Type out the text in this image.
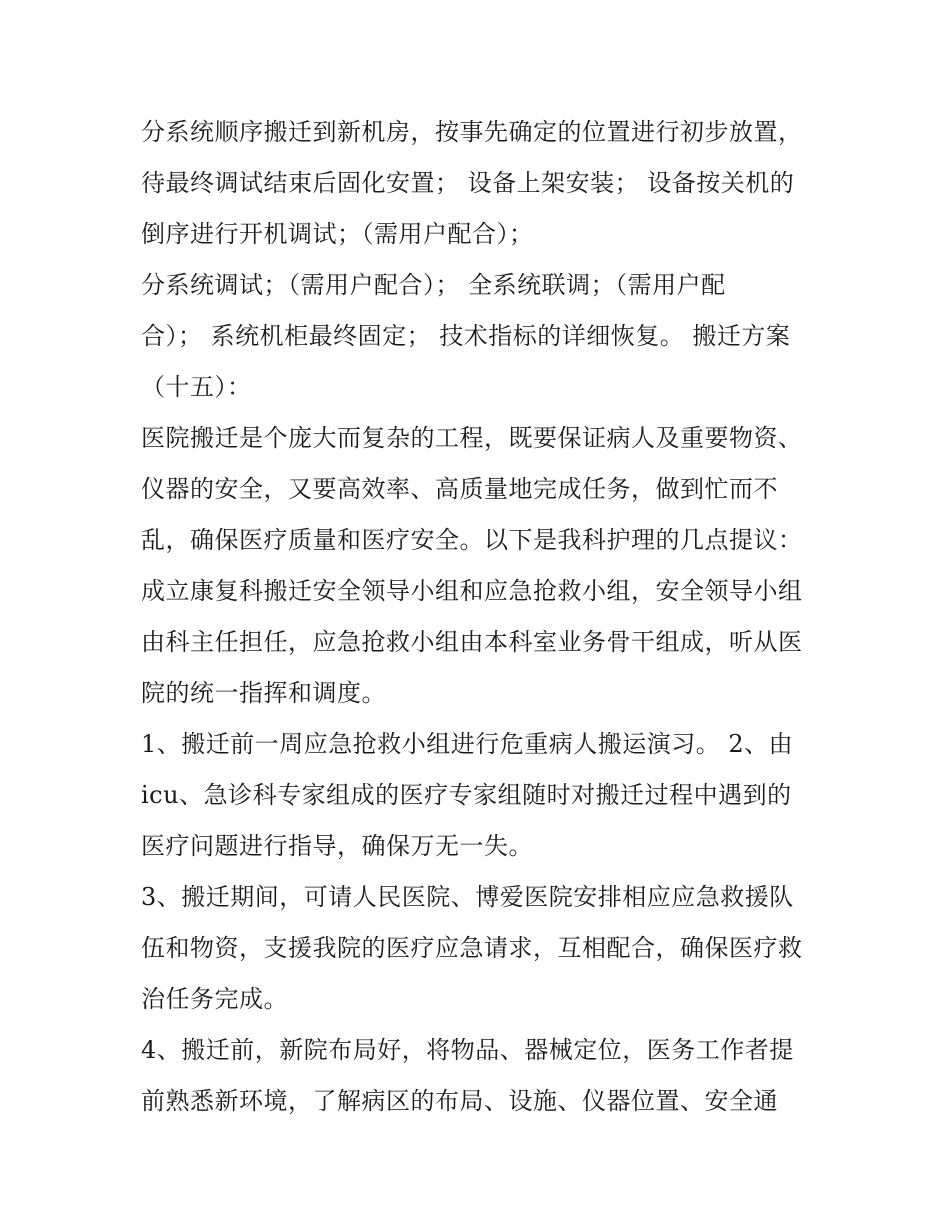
分系统顺序搬迁到新机房，按事先确定的位置进行初步放置，
待最终调试结束后固化安置； 设备上架安装； 设备按关机的
倒序进行开机调试；（需用户配合）；
分系统调试；（需用户配合）； 全系统联调；（需用户配
合）； 系统机柜最终固定； 技术指标的详细恢复。 搬迁方案
（十五）：
医院搬迁是个庞大而复杂的工程，既要保证病人及重要物资、
仪器的安全，又要高效率、高质量地完成任务，做到忙而不
乱，确保医疗质量和医疗安全。以下是我科护理的几点提议：
成立康复科搬迁安全领导小组和应急抢救小组，安全领导小组
由科主任担任，应急抢救小组由本科室业务骨干组成，听从医
院的统一指挥和调度。
1、搬迁前一周应急抢救小组进行危重病人搬运演习。 2、由
icu、急诊科专家组成的医疗专家组随时对搬迁过程中遇到的
医疗问题进行指导，确保万无一失。
3、搬迁期间，可请人民医院、博爱医院安排相应应急救援队
伍和物资，支援我院的医疗应急请求，互相配合，确保医疗救
治任务完成。
4、搬迁前，新院布局好，将物品、器械定位，医务工作者提
前熟悉新环境，了解病区的布局、设施、仪器位置、安全通
